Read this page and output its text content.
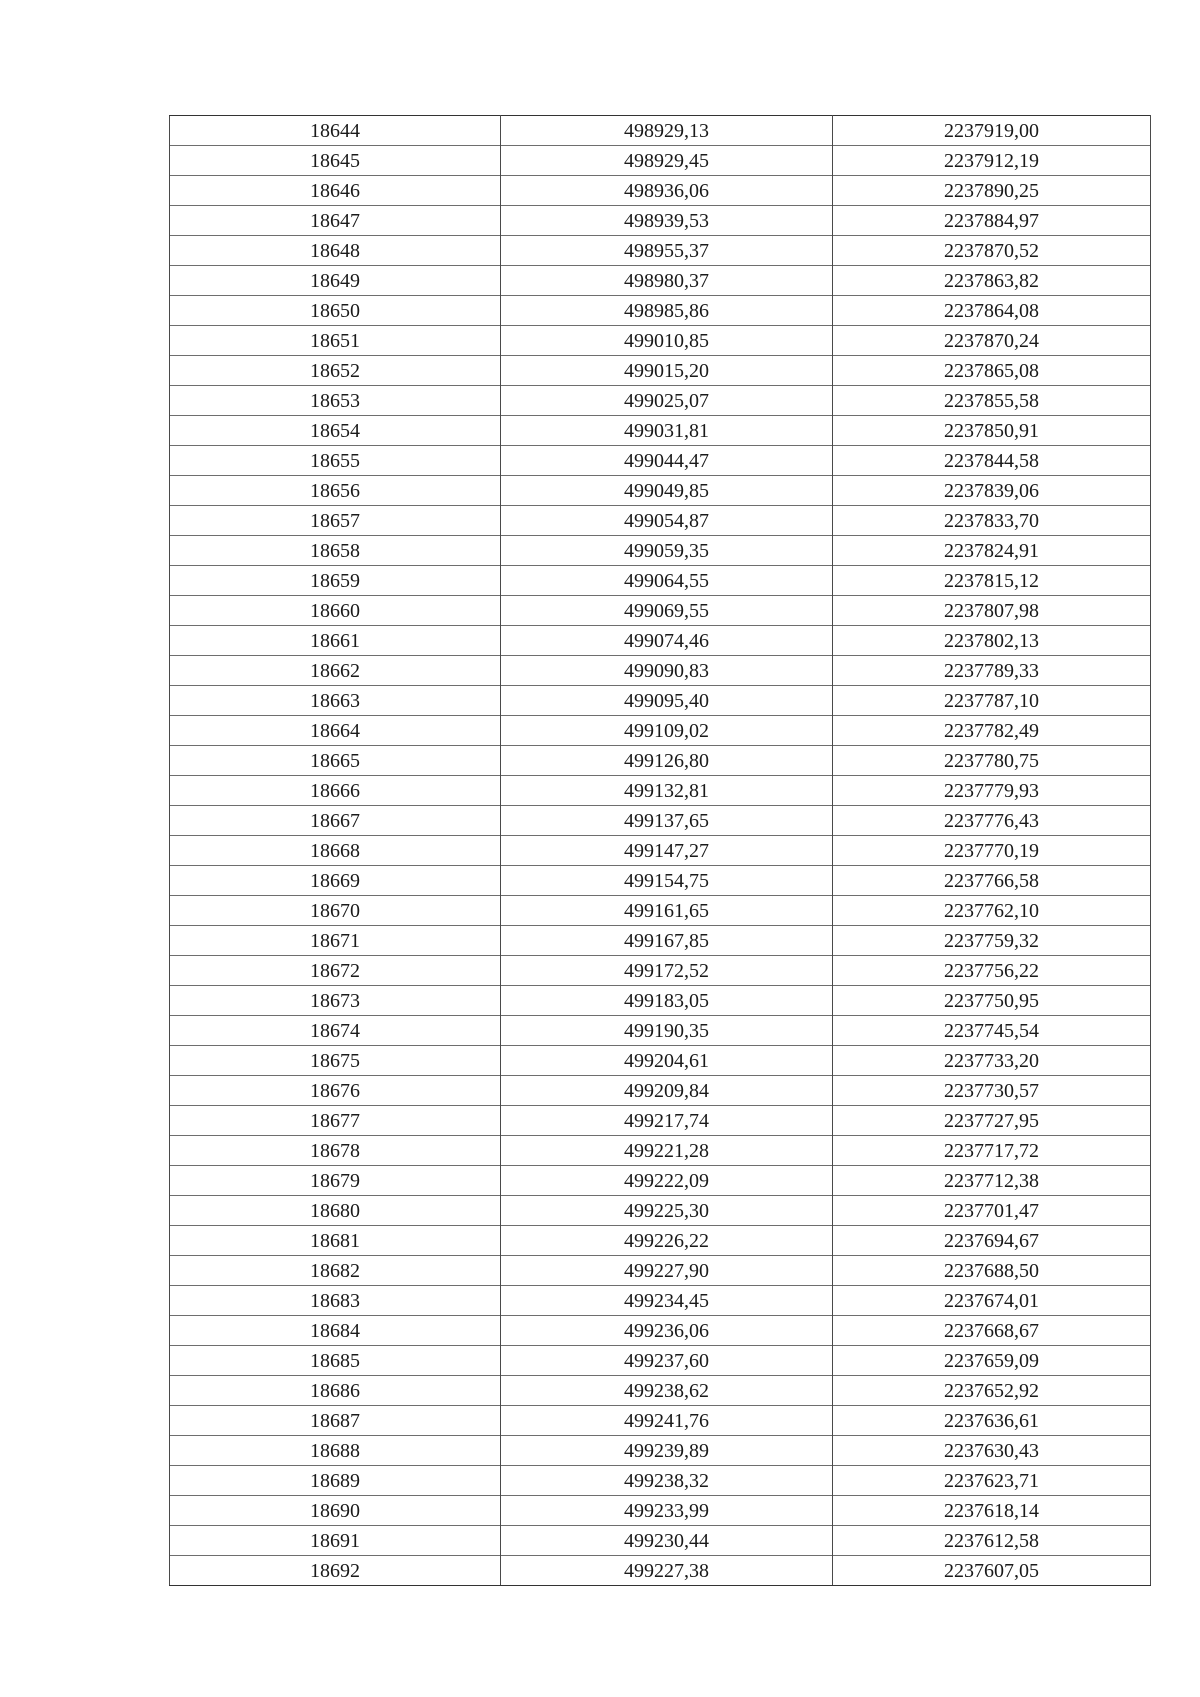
18644	498929,13	2237919,00
18645	498929,45	2237912,19
18646	498936,06	2237890,25
18647	498939,53	2237884,97
18648	498955,37	2237870,52
18649	498980,37	2237863,82
18650	498985,86	2237864,08
18651	499010,85	2237870,24
18652	499015,20	2237865,08
18653	499025,07	2237855,58
18654	499031,81	2237850,91
18655	499044,47	2237844,58
18656	499049,85	2237839,06
18657	499054,87	2237833,70
18658	499059,35	2237824,91
18659	499064,55	2237815,12
18660	499069,55	2237807,98
18661	499074,46	2237802,13
18662	499090,83	2237789,33
18663	499095,40	2237787,10
18664	499109,02	2237782,49
18665	499126,80	2237780,75
18666	499132,81	2237779,93
18667	499137,65	2237776,43
18668	499147,27	2237770,19
18669	499154,75	2237766,58
18670	499161,65	2237762,10
18671	499167,85	2237759,32
18672	499172,52	2237756,22
18673	499183,05	2237750,95
18674	499190,35	2237745,54
18675	499204,61	2237733,20
18676	499209,84	2237730,57
18677	499217,74	2237727,95
18678	499221,28	2237717,72
18679	499222,09	2237712,38
18680	499225,30	2237701,47
18681	499226,22	2237694,67
18682	499227,90	2237688,50
18683	499234,45	2237674,01
18684	499236,06	2237668,67
18685	499237,60	2237659,09
18686	499238,62	2237652,92
18687	499241,76	2237636,61
18688	499239,89	2237630,43
18689	499238,32	2237623,71
18690	499233,99	2237618,14
18691	499230,44	2237612,58
18692	499227,38	2237607,05
